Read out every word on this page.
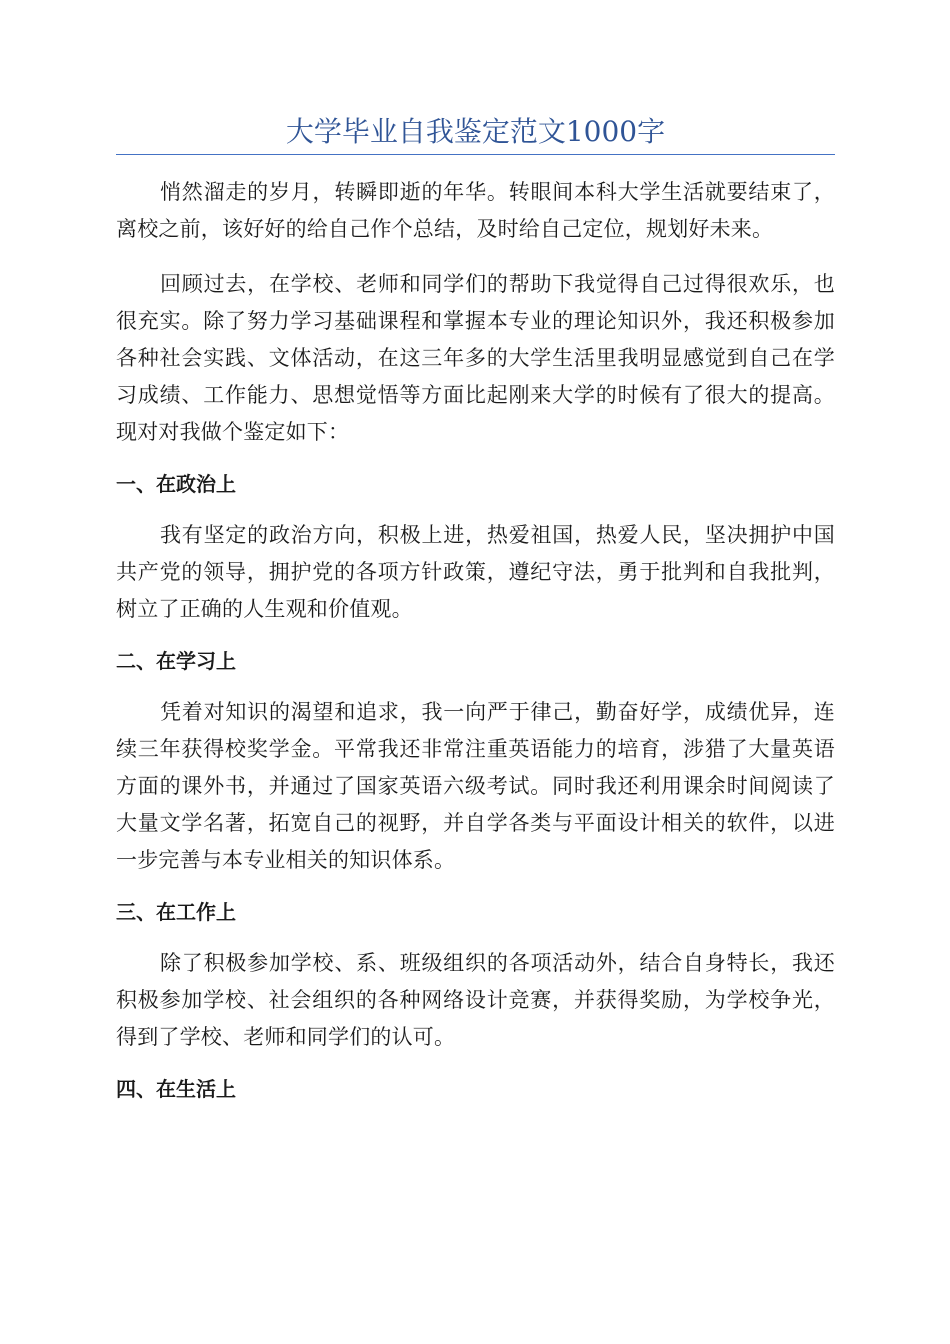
大学毕业自我鉴定范文1000字

悄然溜走的岁月，转瞬即逝的年华。转眼间本科大学生活就要结束了，离校之前，该好好的给自己作个总结，及时给自己定位，规划好未来。

回顾过去，在学校、老师和同学们的帮助下我觉得自己过得很欢乐，也很充实。除了努力学习基础课程和掌握本专业的理论知识外，我还积极参加各种社会实践、文体活动，在这三年多的大学生活里我明显感觉到自己在学习成绩、工作能力、思想觉悟等方面比起刚来大学的时候有了很大的提高。现对对我做个鉴定如下：

一、在政治上

我有坚定的政治方向，积极上进，热爱祖国，热爱人民，坚决拥护中国共产党的领导，拥护党的各项方针政策，遵纪守法，勇于批判和自我批判，树立了正确的人生观和价值观。

二、在学习上

凭着对知识的渴望和追求，我一向严于律己，勤奋好学，成绩优异，连续三年获得校奖学金。平常我还非常注重英语能力的培育，涉猎了大量英语方面的课外书，并通过了国家英语六级考试。同时我还利用课余时间阅读了大量文学名著，拓宽自己的视野，并自学各类与平面设计相关的软件，以进一步完善与本专业相关的知识体系。

三、在工作上

除了积极参加学校、系、班级组织的各项活动外，结合自身特长，我还积极参加学校、社会组织的各种网络设计竞赛，并获得奖励，为学校争光，得到了学校、老师和同学们的认可。

四、在生活上
